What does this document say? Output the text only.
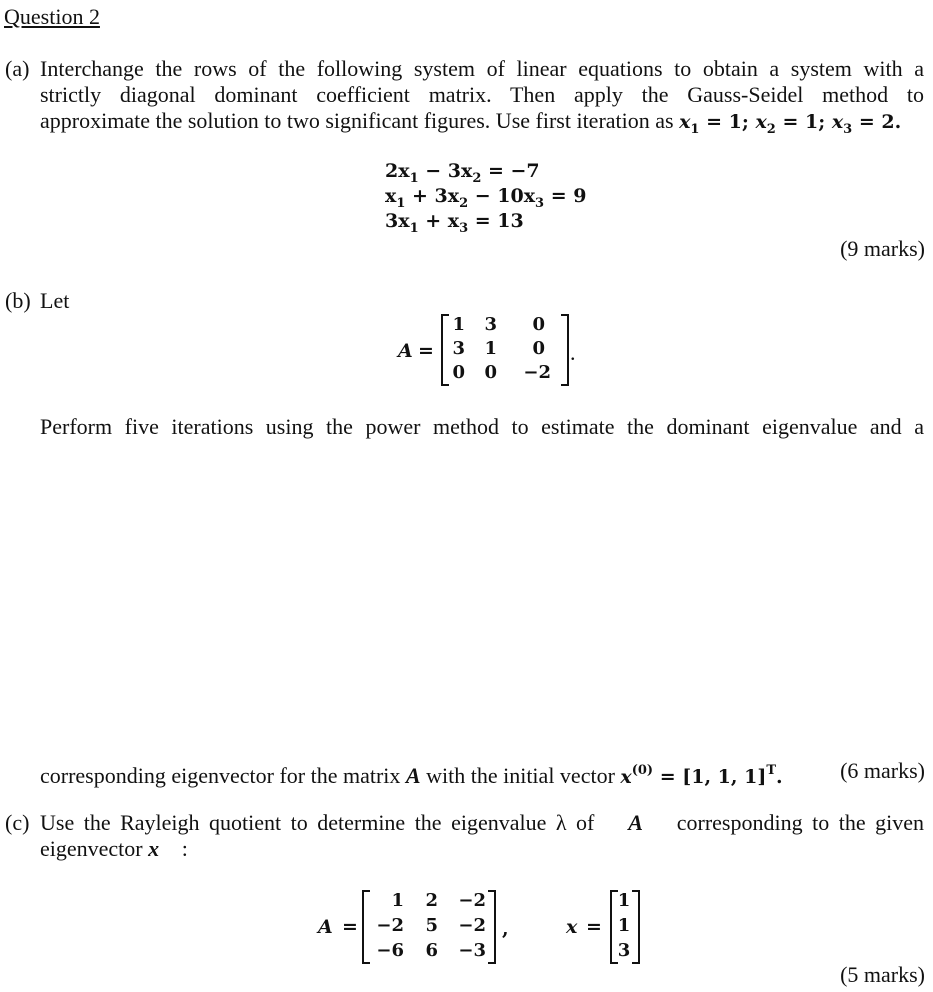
Question 2
(a) Interchange the rows of the following system of linear equations to obtain a system with a
strictly diagonal dominant coefficient matrix. Then apply the Gauss-Seidel method to
approximate the solution to two significant figures. Use first iteration as $x_1 = 1$; $x_2 = 1$; $x_3 = 2$.
$2x_1 - 3x_2 = -7$
$x_1 + 3x_2 - 10x_3 = 9$
$3x_1 + x_3 = 13$
(9 marks)
(b) Let
A =
1	3	0
3	1	0
0	0	−2
.
Perform five iterations using the power method to estimate the dominant eigenvalue and a
corresponding eigenvector for the matrix A with the initial vector $x^{(0)} = [1$, 1, 1]$^T$.	(6 marks)
(c) Use the Rayleigh quotient to determine the eigenvalue λ of A corresponding to the given
eigenvector x⃗ :
A =
1	2	−2
−2	5	−2
−6	6	−3
,	x =
1
1
3
(5 marks)
